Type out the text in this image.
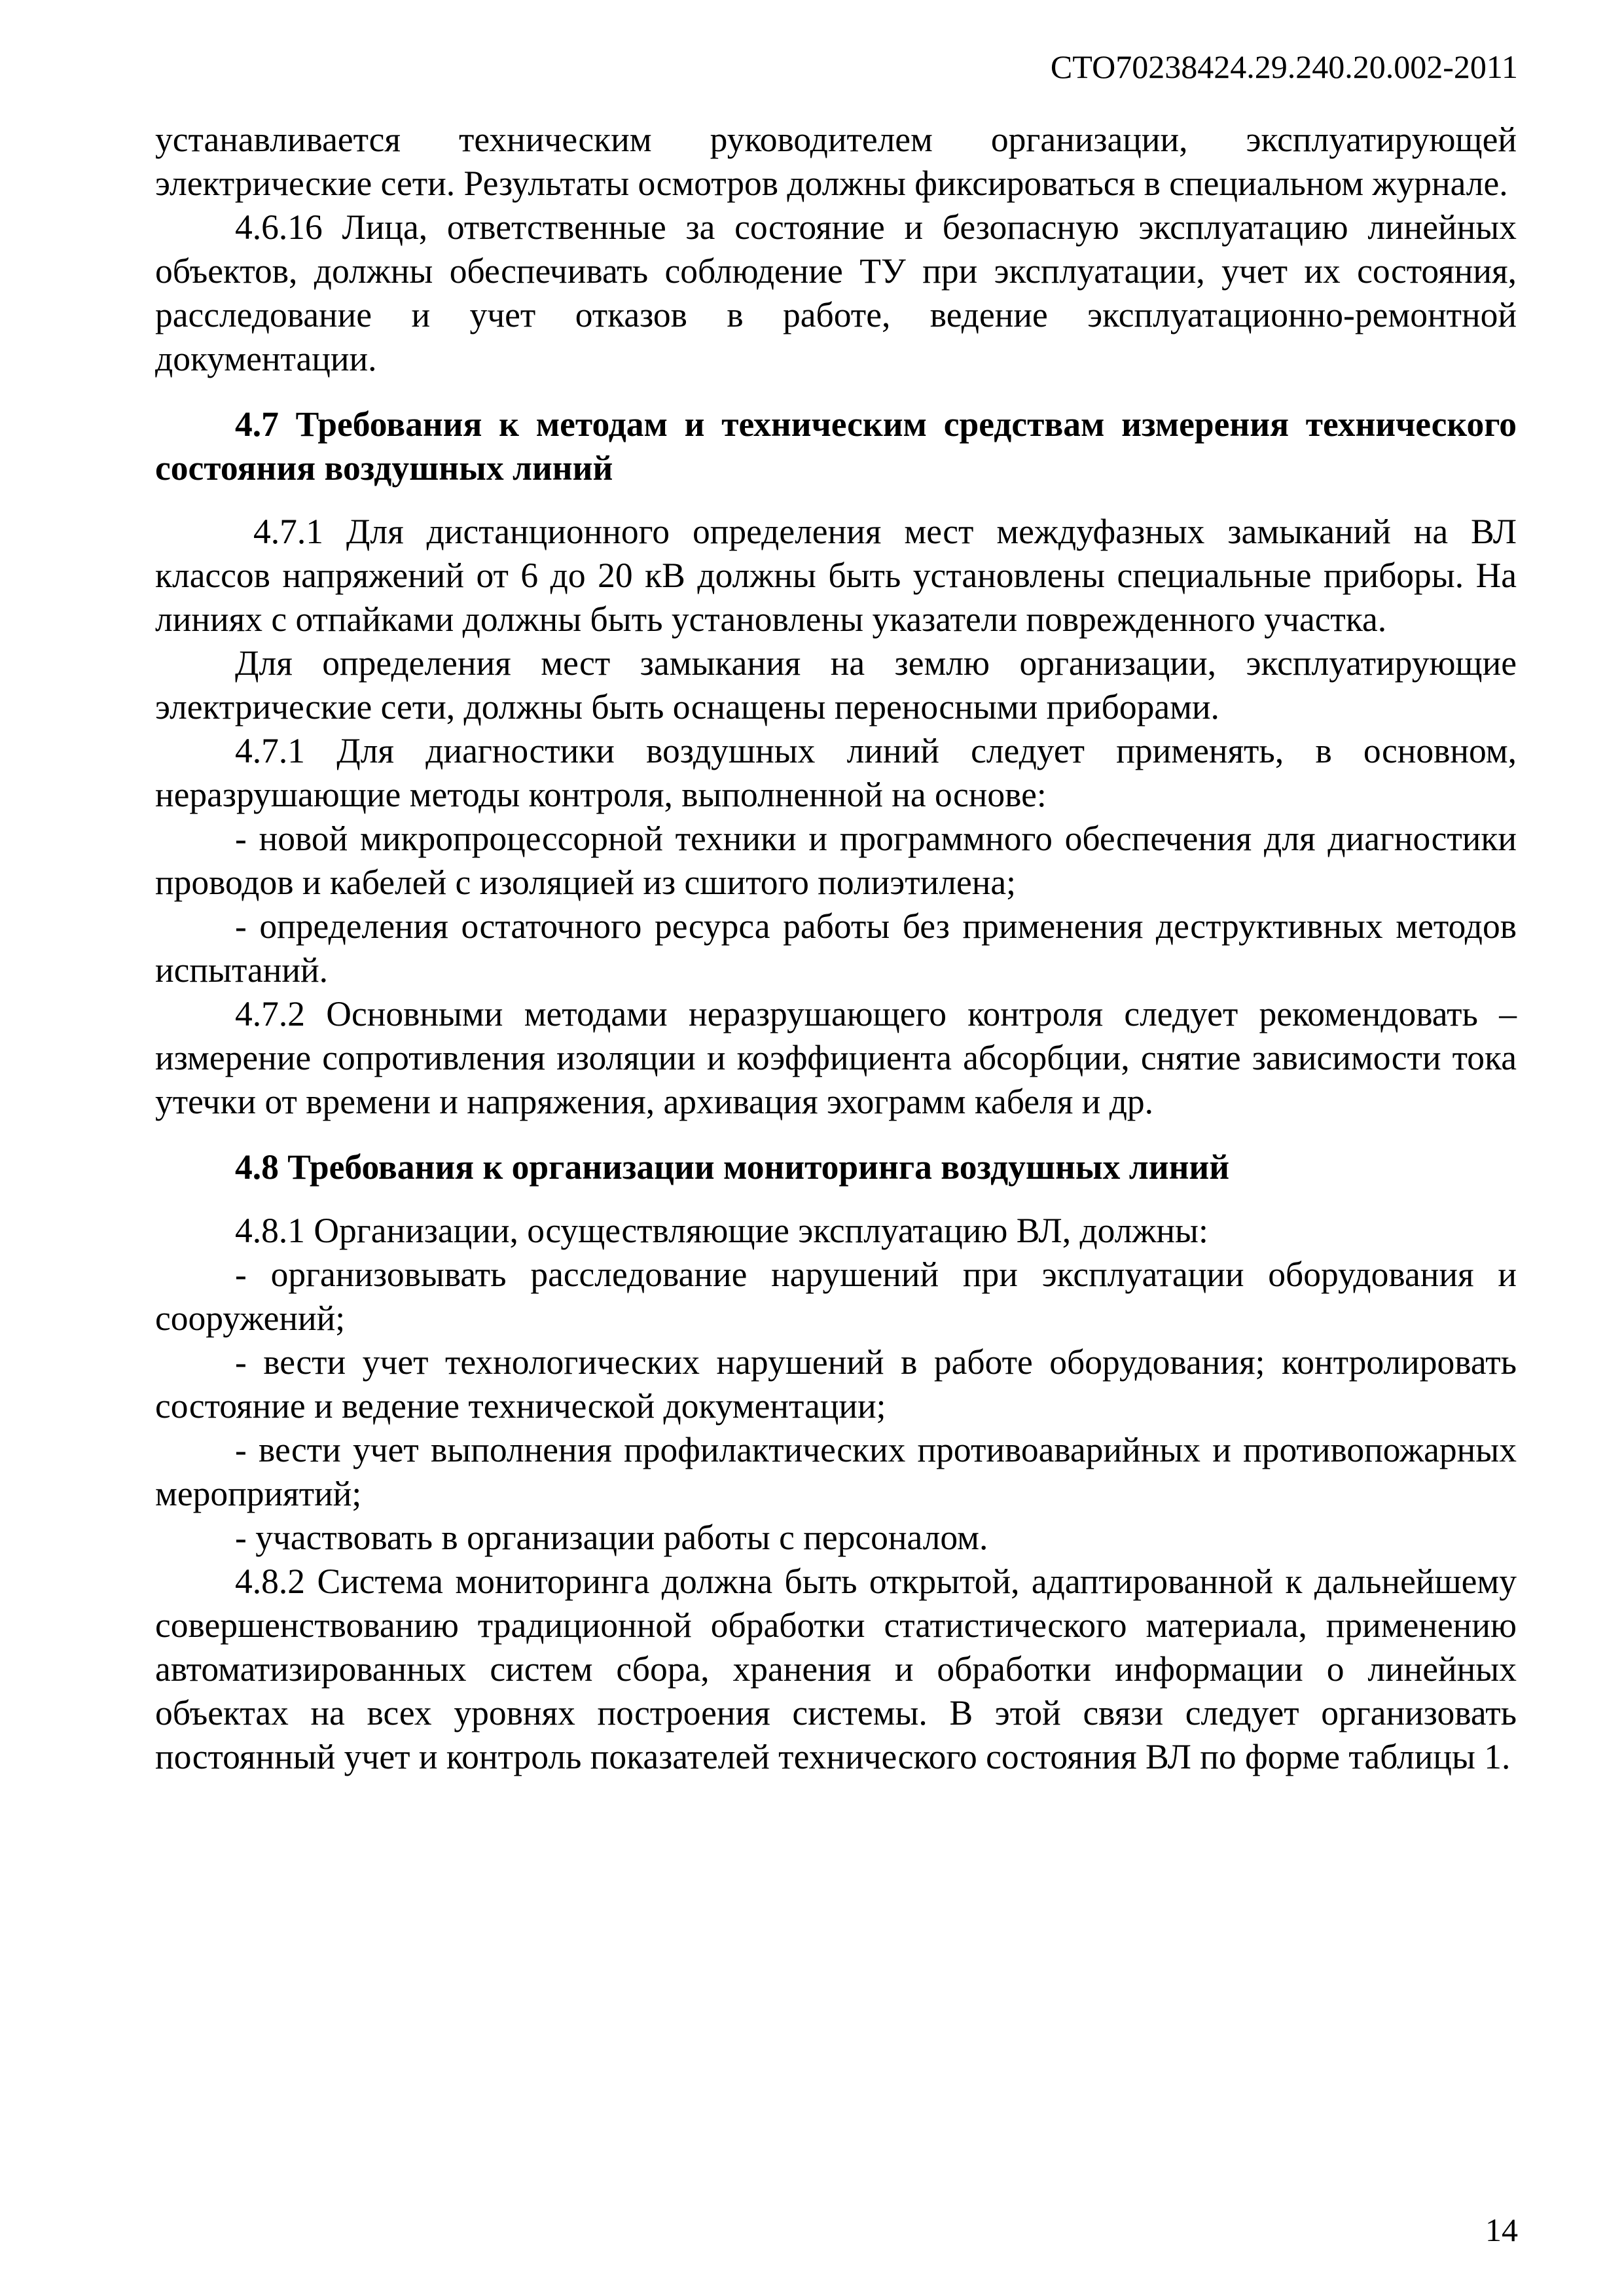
СТО70238424.29.240.20.002-2011

устанавливается техническим руководителем организации, эксплуатирующей электрические сети. Результаты осмотров должны фиксироваться в специальном журнале.

4.6.16 Лица, ответственные за состояние и безопасную эксплуатацию линейных объектов, должны обеспечивать соблюдение ТУ при эксплуатации, учет их состояния, расследование и учет отказов в работе, ведение эксплуатационно-ремонтной документации.

4.7 Требования к методам и техническим средствам измерения технического состояния воздушных линий

4.7.1 Для дистанционного определения мест междуфазных замыканий на ВЛ классов напряжений от 6 до 20 кВ должны быть установлены специальные приборы. На линиях с отпайками должны быть установлены указатели поврежденного участка.

Для определения мест замыкания на землю организации, эксплуатирующие электрические сети, должны быть оснащены переносными приборами.

4.7.1 Для диагностики воздушных линий следует применять, в основном, неразрушающие методы контроля, выполненной на основе:

- новой микропроцессорной техники и программного обеспечения для диагностики проводов и кабелей с изоляцией из сшитого полиэтилена;

- определения остаточного ресурса работы без применения деструктивных методов испытаний.

4.7.2 Основными методами неразрушающего контроля следует рекомендовать – измерение сопротивления изоляции и коэффициента абсорбции, снятие зависимости тока утечки от времени и напряжения, архивация эхограмм кабеля и др.

4.8 Требования к организации мониторинга воздушных линий

4.8.1 Организации, осуществляющие эксплуатацию ВЛ, должны:

- организовывать расследование нарушений при эксплуатации оборудования и сооружений;

- вести учет технологических нарушений в работе оборудования; контролировать состояние и ведение технической документации;

- вести учет выполнения профилактических противоаварийных и противопожарных мероприятий;

- участвовать в организации работы с персоналом.

4.8.2 Система мониторинга должна быть открытой, адаптированной к дальнейшему совершенствованию традиционной обработки статистического материала, применению автоматизированных систем сбора, хранения и обработки информации о линейных объектах на всех уровнях построения системы. В этой связи следует организовать постоянный учет и контроль показателей технического состояния ВЛ по форме таблицы 1.

14
